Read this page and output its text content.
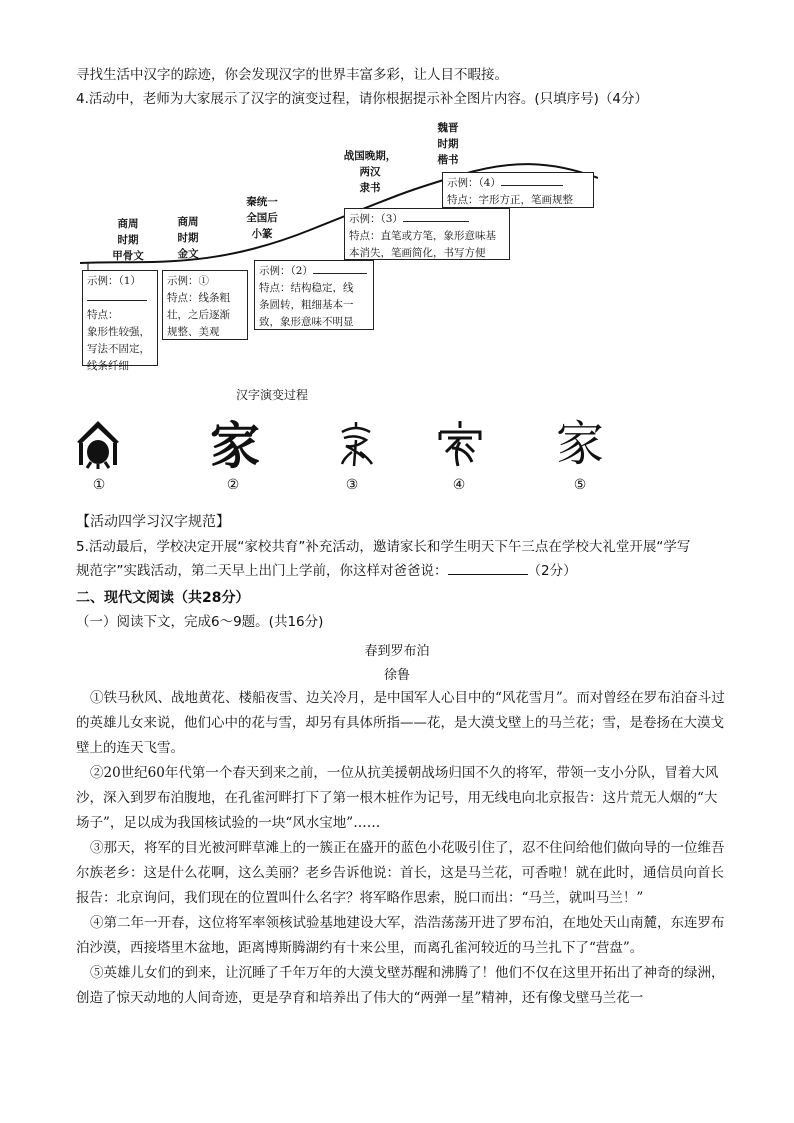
寻找生活中汉字的踪迹，你会发现汉字的世界丰富多彩，让人目不暇接。
4.活动中，老师为大家展示了汉字的演变过程，请你根据提示补全图片内容。(只填序号)（4分）
商周
时期
甲骨文
商周
时期
金文
秦统一
全国后
小篆
战国晚期，
两汉
隶书
魏晋
时期
楷书
示例：（1）
特点：
象形性较强，
写法不固定，
线条纤细
示例：①
特点：线条粗
壮，之后逐渐
规整、美观
示例：（2）
特点：结构稳定，线
条圆转，粗细基本一
致，象形意味不明显
示例：（3）
特点：直笔或方笔，象形意味基
本消失，笔画简化，书写方便
示例：（4）
特点：字形方正，笔画规整
汉字演变过程
家	家
①	②	③	④	⑤
【活动四学习汉字规范】
5.活动最后，学校决定开展“家校共育”补充活动，邀请家长和学生明天下午三点在学校大礼堂开展“学写
规范字”实践活动，第二天早上出门上学前，你这样对爸爸说：	（2分）
二、现代文阅读（共28分）
（一）阅读下文，完成6～9题。(共16分)
春到罗布泊
徐鲁
①铁马秋风、战地黄花、楼船夜雪、边关冷月，是中国军人心目中的“风花雪月”。而对曾经在罗布泊奋斗过的英雄儿女来说，他们心中的花与雪，却另有具体所指——花，是大漠戈壁上的马兰花；雪，是卷扬在大漠戈壁上的连天飞雪。
②20世纪60年代第一个春天到来之前，一位从抗美援朝战场归国不久的将军，带领一支小分队，冒着大风沙，深入到罗布泊腹地，在孔雀河畔打下了第一根木桩作为记号，用无线电向北京报告：这片荒无人烟的“大场子”，足以成为我国核试验的一块“风水宝地”……
③那天，将军的目光被河畔草滩上的一簇正在盛开的蓝色小花吸引住了，忍不住问给他们做向导的一位维吾尔族老乡：这是什么花啊，这么美丽？老乡告诉他说：首长，这是马兰花，可香啦！就在此时，通信员向首长报告：北京询问，我们现在的位置叫什么名字？将军略作思索，脱口而出：“马兰，就叫马兰！”
④第二年一开春，这位将军率领核试验基地建设大军，浩浩荡荡开进了罗布泊，在地处天山南麓，东连罗布泊沙漠，西接塔里木盆地，距离博斯腾湖约有十来公里，而离孔雀河较近的马兰扎下了“营盘”。
⑤英雄儿女们的到来，让沉睡了千年万年的大漠戈壁苏醒和沸腾了！他们不仅在这里开拓出了神奇的绿洲，创造了惊天动地的人间奇迹，更是孕育和培养出了伟大的“两弹一星”精神，还有像戈壁马兰花一
